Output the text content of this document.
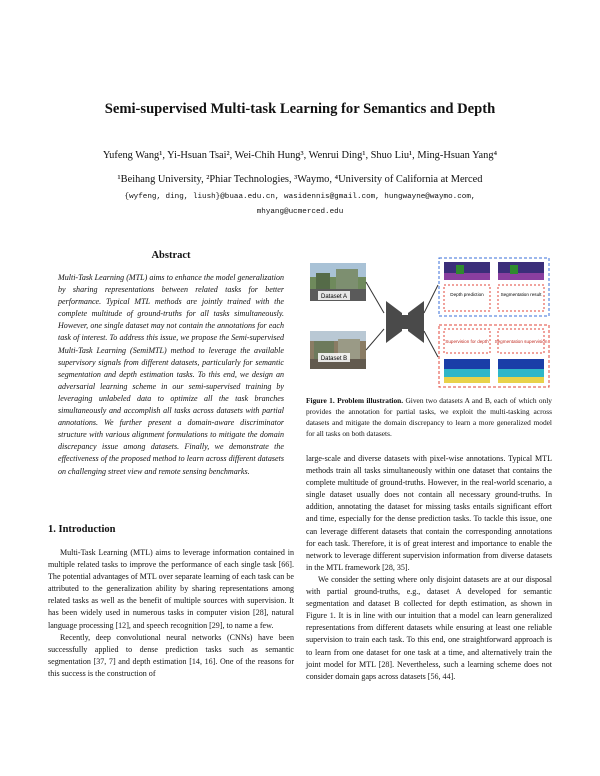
Semi-supervised Multi-task Learning for Semantics and Depth
Yufeng Wang¹, Yi-Hsuan Tsai², Wei-Chih Hung³, Wenrui Ding¹, Shuo Liu¹, Ming-Hsuan Yang⁴
¹Beihang University, ²Phiar Technologies, ³Waymo, ⁴University of California at Merced
{wyfeng, ding, liush}@buaa.edu.cn, wasidennis@gmail.com, hungwayne@waymo.com,
mhyang@ucmerced.edu
Abstract

Multi-Task Learning (MTL) aims to enhance the model generalization by sharing representations between related tasks for better performance. Typical MTL methods are jointly trained with the complete multitude of ground-truths for all tasks simultaneously. However, one single dataset may not contain the annotations for each task of interest. To address this issue, we propose the Semi-supervised Multi-Task Learning (SemiMTL) method to leverage the available supervisory signals from different datasets, particularly for semantic segmentation and depth estimation tasks. To this end, we design an adversarial learning scheme in our semi-supervised training by leveraging unlabeled data to optimize all the task branches simultaneously and accomplish all tasks across datasets with partial annotations. We further present a domain-aware discriminator structure with various alignment formulations to mitigate the domain discrepancy issue among datasets. Finally, we demonstrate the effectiveness of the proposed method to learn across different datasets on challenging street view and remote sensing benchmarks.

1. Introduction

Multi-Task Learning (MTL) aims to leverage information contained in multiple related tasks to improve the performance of each single task [66]. The potential advantages of MTL over separate learning of each task can be attributed to the generalization ability by sharing representations among related tasks as well as the benefit of multiple sources with supervision. It has been widely used in numerous tasks in computer vision [28], natural language processing [12], and speech recognition [29], to name a few.

Recently, deep convolutional neural networks (CNNs) have been successfully applied to dense prediction tasks such as semantic segmentation [37, 7] and depth estimation [14, 16]. One of the reasons for this success is the construction of

Dataset A
Dataset B
Depth prediction	Segmentation result
Supervision for depth Segmentation supervision

Figure 1. Problem illustration. Given two datasets A and B, each of which only provides the annotation for partial tasks, we exploit the multi-tasking across datasets and mitigate the domain discrepancy to learn a more generalized model for all tasks on both datasets.

large-scale and diverse datasets with pixel-wise annotations. Typical MTL methods train all tasks simultaneously within one dataset that contains the complete multitude of ground-truths. However, in the real-world scenario, a single dataset usually does not contain all necessary ground-truths. In addition, annotating the dataset for missing tasks entails significant effort and time, especially for the dense prediction tasks. To tackle this issue, one can leverage different datasets that contain the corresponding annotations for each task. Therefore, it is of great interest and importance to enable the network to leverage different supervision information from diverse datasets in the MTL framework [28, 35].

We consider the setting where only disjoint datasets are at our disposal with partial ground-truths, e.g., dataset A developed for semantic segmentation and dataset B collected for depth estimation, as shown in Figure 1. It is in line with our intuition that a model can learn generalized representations from different datasets while ensuring at least one reliable supervision to train each task. To this end, one straightforward approach is to learn from one dataset for one task at a time, and alternatively train the joint model for MTL [28]. Nevertheless, such a learning scheme does not consider domain gaps across datasets [56, 44].
